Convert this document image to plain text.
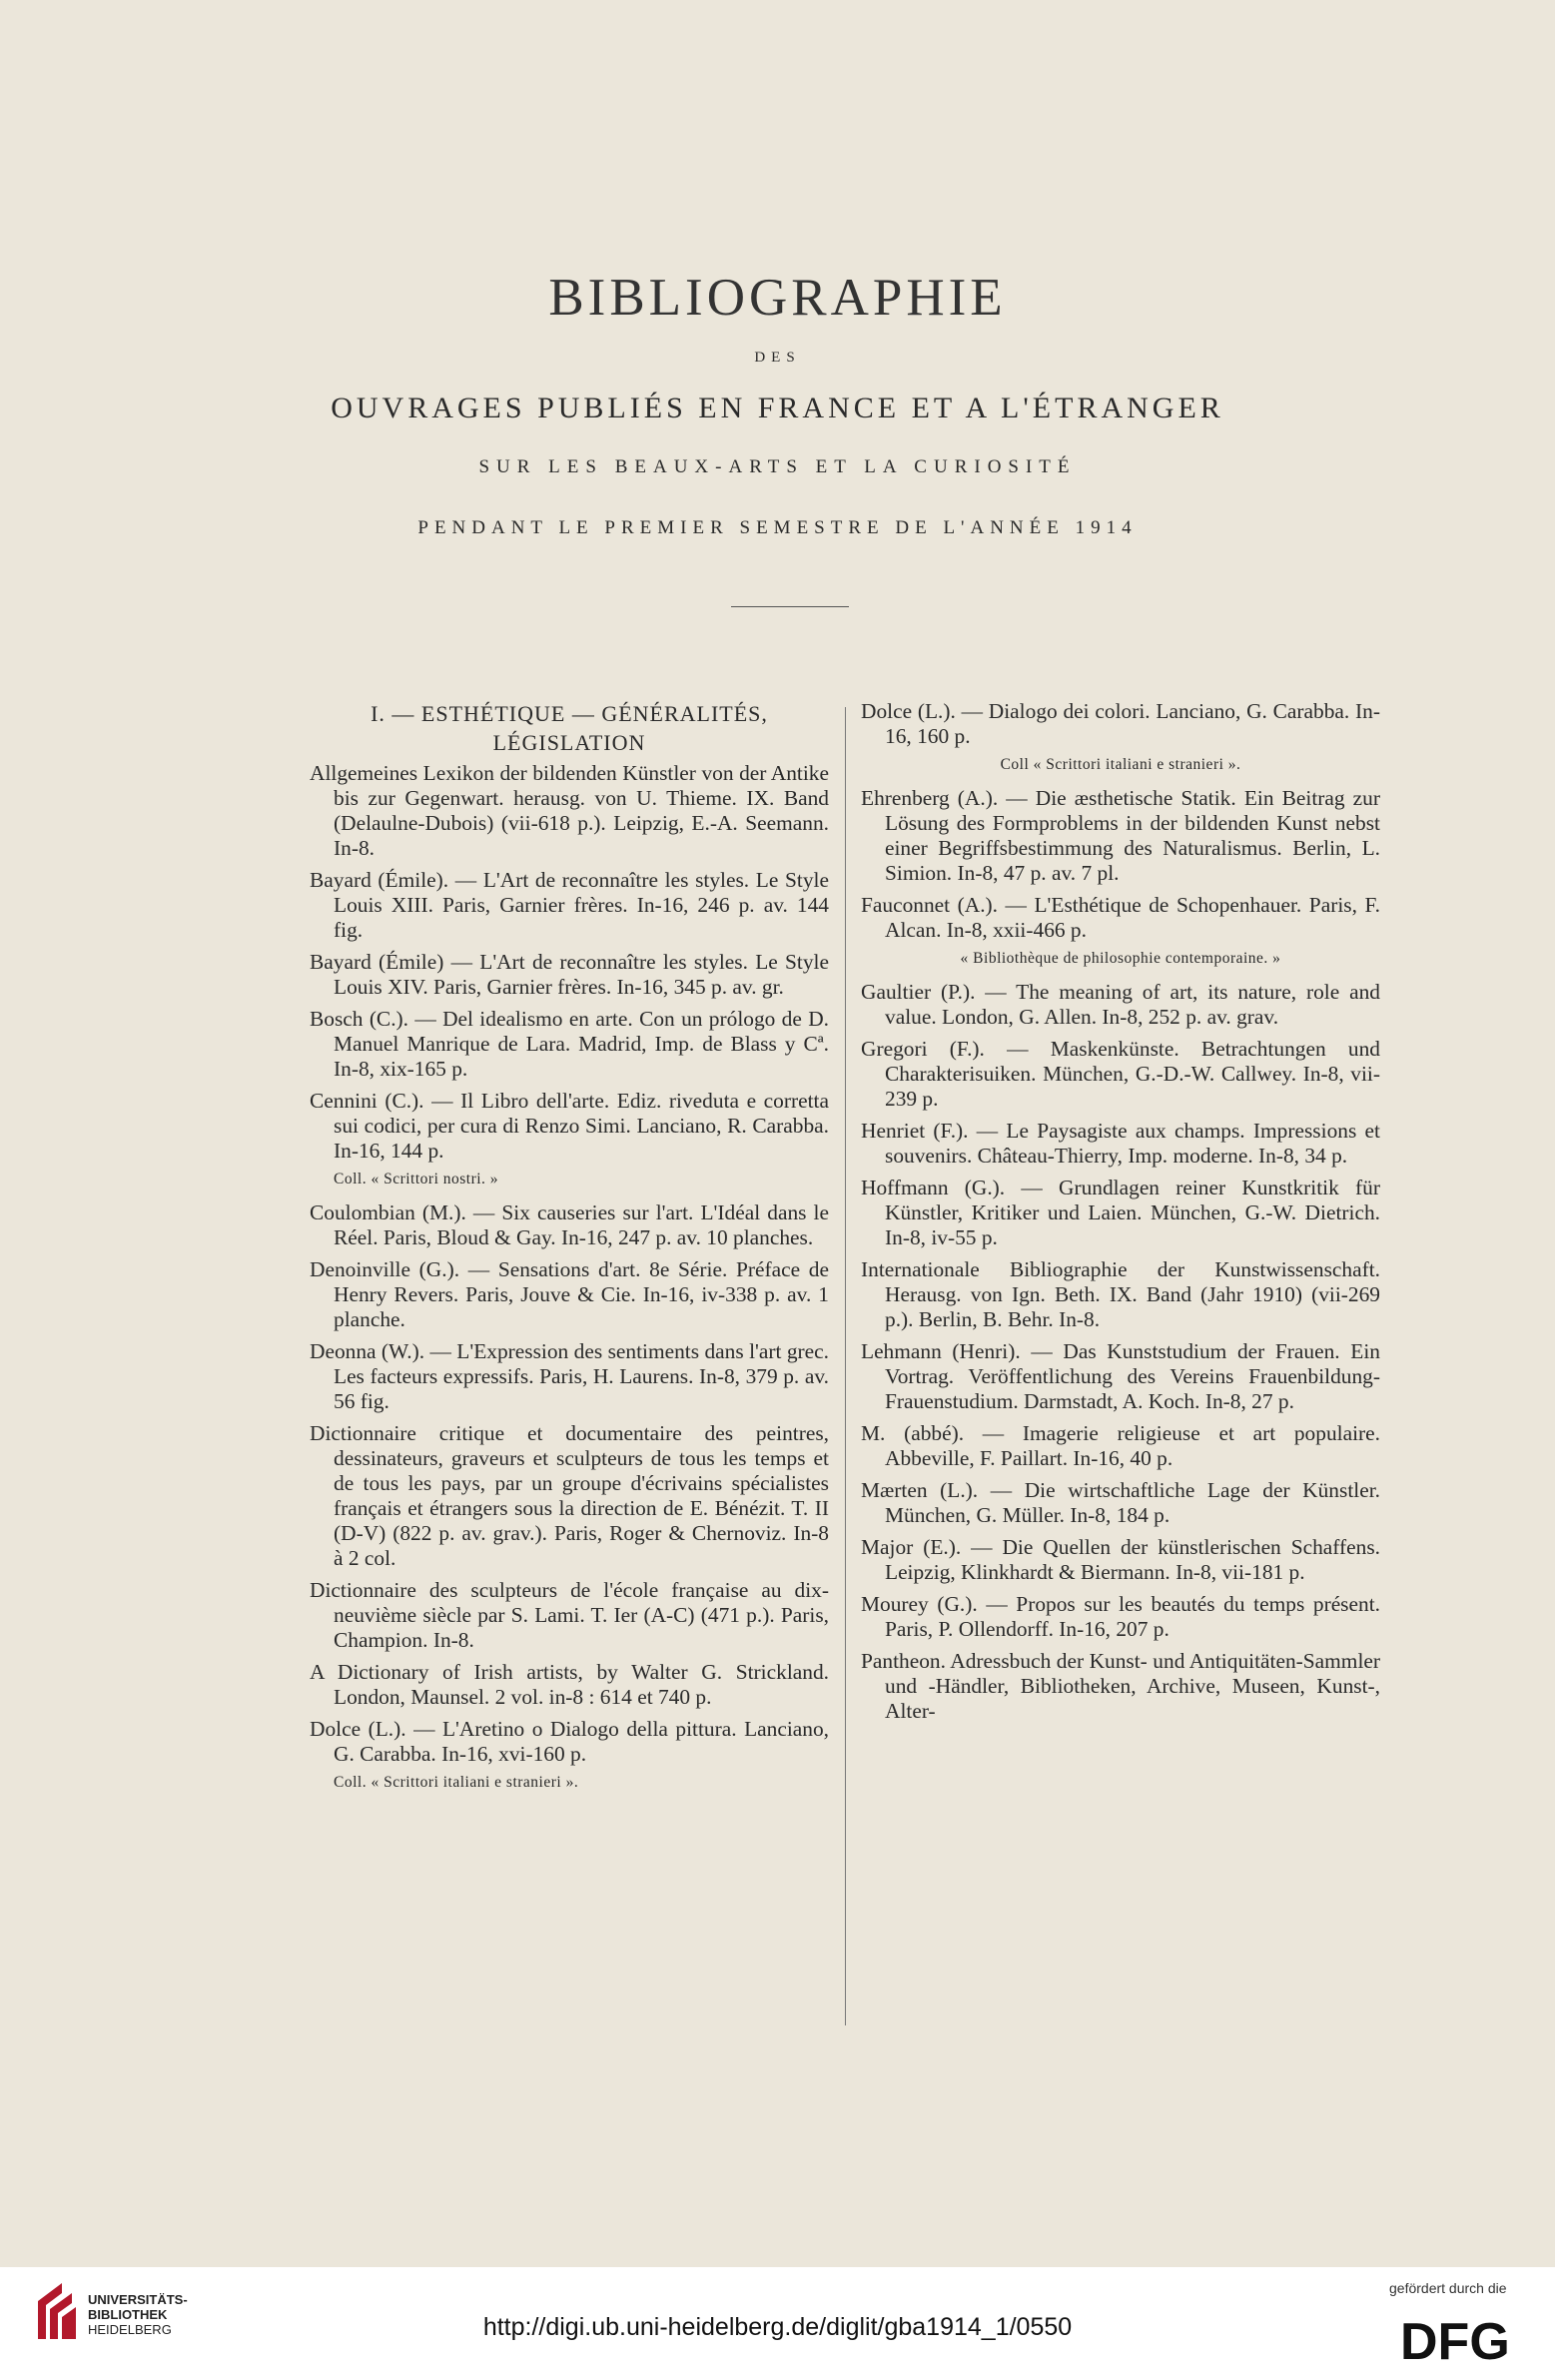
BIBLIOGRAPHIE
DES
OUVRAGES PUBLIÉS EN FRANCE ET A L'ÉTRANGER
SUR LES BEAUX-ARTS ET LA CURIOSITÉ
PENDANT LE PREMIER SEMESTRE DE L'ANNÉE 1914
I. — ESTHÉTIQUE — GÉNÉRALITÉS,
LÉGISLATION
Allgemeines Lexikon der bildenden Künstler von der Antike bis zur Gegenwart. herausg. von U. Thieme. IX. Band (Delaulne-Dubois) (vii-618 p.). Leipzig, E.-A. Seemann. In-8.
Bayard (Émile). — L'Art de reconnaître les styles. Le Style Louis XIII. Paris, Garnier frères. In-16, 246 p. av. 144 fig.
Bayard (Émile) — L'Art de reconnaître les styles. Le Style Louis XIV. Paris, Garnier frères. In-16, 345 p. av. gr.
Bosch (C.). — Del idealismo en arte. Con un prólogo de D. Manuel Manrique de Lara. Madrid, Imp. de Blass y Cª. In-8, xix-165 p.
Cennini (C.). — Il Libro dell'arte. Ediz. riveduta e corretta sui codici, per cura di Renzo Simi. Lanciano, R. Carabba. In-16, 144 p.
Coll. « Scrittori nostri. »
Coulombian (M.). — Six causeries sur l'art. L'Idéal dans le Réel. Paris, Bloud & Gay. In-16, 247 p. av. 10 planches.
Denoinville (G.). — Sensations d'art. 8e Série. Préface de Henry Revers. Paris, Jouve & Cie. In-16, iv-338 p. av. 1 planche.
Deonna (W.). — L'Expression des sentiments dans l'art grec. Les facteurs expressifs. Paris, H. Laurens. In-8, 379 p. av. 56 fig.
Dictionnaire critique et documentaire des peintres, dessinateurs, graveurs et sculpteurs de tous les temps et de tous les pays, par un groupe d'écrivains spécialistes français et étrangers sous la direction de E. Bénézit. T. II (D-V) (822 p. av. grav.). Paris, Roger & Chernoviz. In-8 à 2 col.
Dictionnaire des sculpteurs de l'école française au dix-neuvième siècle par S. Lami. T. Ier (A-C) (471 p.). Paris, Champion. In-8.
A Dictionary of Irish artists, by Walter G. Strickland. London, Maunsel. 2 vol. in-8 : 614 et 740 p.
Dolce (L.). — L'Aretino o Dialogo della pittura. Lanciano, G. Carabba. In-16, xvi-160 p.
Coll. « Scrittori italiani e stranieri ».
Dolce (L.). — Dialogo dei colori. Lanciano, G. Carabba. In-16, 160 p.
Coll « Scrittori italiani e stranieri ».
Ehrenberg (A.). — Die æsthetische Statik. Ein Beitrag zur Lösung des Formproblems in der bildenden Kunst nebst einer Begriffsbestimmung des Naturalismus. Berlin, L. Simion. In-8, 47 p. av. 7 pl.
Fauconnet (A.). — L'Esthétique de Schopenhauer. Paris, F. Alcan. In-8, xxii-466 p.
« Bibliothèque de philosophie contemporaine. »
Gaultier (P.). — The meaning of art, its nature, role and value. London, G. Allen. In-8, 252 p. av. grav.
Gregori (F.). — Maskenkünste. Betrachtungen und Charakterisuiken. München, G.-D.-W. Callwey. In-8, vii-239 p.
Henriet (F.). — Le Paysagiste aux champs. Impressions et souvenirs. Château-Thierry, Imp. moderne. In-8, 34 p.
Hoffmann (G.). — Grundlagen reiner Kunstkritik für Künstler, Kritiker und Laien. München, G.-W. Dietrich. In-8, iv-55 p.
Internationale Bibliographie der Kunstwissenschaft. Herausg. von Ign. Beth. IX. Band (Jahr 1910) (vii-269 p.). Berlin, B. Behr. In-8.
Lehmann (Henri). — Das Kunststudium der Frauen. Ein Vortrag. Veröffentlichung des Vereins Frauenbildung-Frauenstudium. Darmstadt, A. Koch. In-8, 27 p.
M. (abbé). — Imagerie religieuse et art populaire. Abbeville, F. Paillart. In-16, 40 p.
Mærten (L.). — Die wirtschaftliche Lage der Künstler. München, G. Müller. In-8, 184 p.
Major (E.). — Die Quellen der künstlerischen Schaffens. Leipzig, Klinkhardt & Biermann. In-8, vii-181 p.
Mourey (G.). — Propos sur les beautés du temps présent. Paris, P. Ollendorff. In-16, 207 p.
Pantheon. Adressbuch der Kunst- und Antiquitäten-Sammler und -Händler, Bibliotheken, Archive, Museen, Kunst-, Alter-
UNIVERSITÄTS-
BIBLIOTHEK
HEIDELBERG	http://digi.ub.uni-heidelberg.de/diglit/gba1914_1/0550
gefördert durch die
DFG
